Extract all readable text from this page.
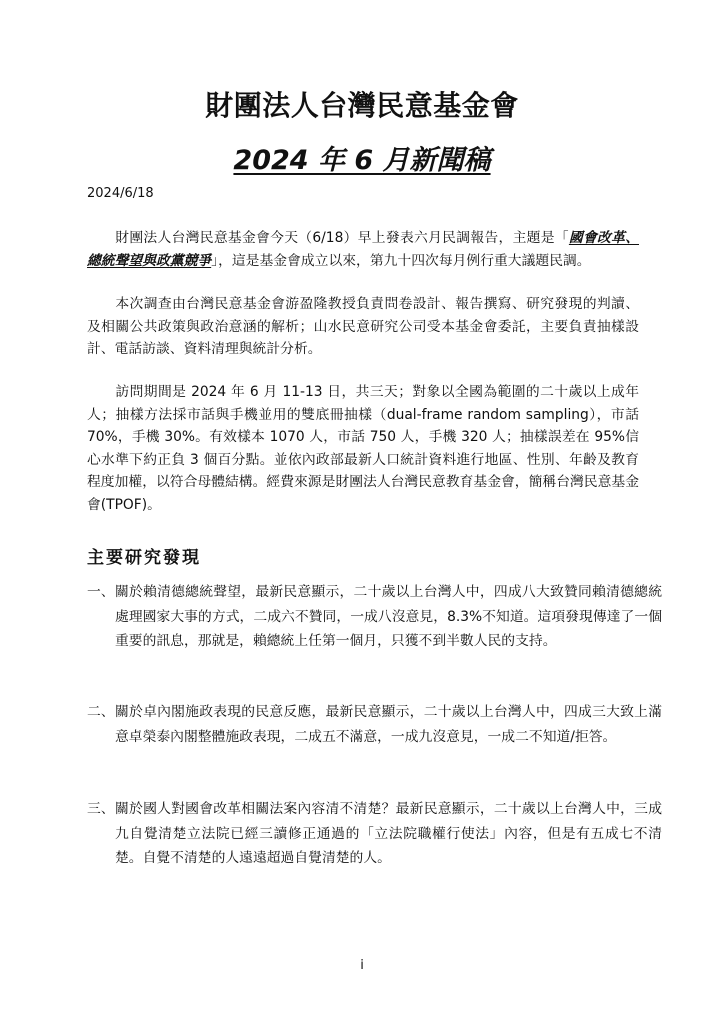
財團法人台灣民意基金會
2024 年 6 月新聞稿
2024/6/18
財團法人台灣民意基金會今天（6/18）早上發表六月民調報告，主題是「國會改革、總統聲望與政黨競爭」，這是基金會成立以來，第九十四次每月例行重大議題民調。
本次調查由台灣民意基金會游盈隆教授負責問卷設計、報告撰寫、研究發現的判讀、及相關公共政策與政治意涵的解析；山水民意研究公司受本基金會委託，主要負責抽樣設計、電話訪談、資料清理與統計分析。
訪問期間是 2024 年 6 月 11-13 日，共三天；對象以全國為範圍的二十歲以上成年人；抽樣方法採市話與手機並用的雙底冊抽樣（dual-frame random sampling），市話 70%，手機 30%。有效樣本 1070 人，市話 750 人，手機 320 人；抽樣誤差在 95%信心水準下約正負 3 個百分點。並依內政部最新人口統計資料進行地區、性別、年齡及教育程度加權，以符合母體結構。經費來源是財團法人台灣民意教育基金會，簡稱台灣民意基金會(TPOF)。
主要研究發現
一、 關於賴清德總統聲望，最新民意顯示，二十歲以上台灣人中，四成八大致贊同賴清德總統處理國家大事的方式，二成六不贊同，一成八沒意見，8.3%不知道。這項發現傳達了一個重要的訊息，那就是，賴總統上任第一個月，只獲不到半數人民的支持。
二、 關於卓內閣施政表現的民意反應，最新民意顯示，二十歲以上台灣人中，四成三大致上滿意卓榮泰內閣整體施政表現，二成五不滿意，一成九沒意見，一成二不知道/拒答。
三、 關於國人對國會改革相關法案內容清不清楚？最新民意顯示，二十歲以上台灣人中，三成九自覺清楚立法院已經三讀修正通過的「立法院職權行使法」內容，但是有五成七不清楚。自覺不清楚的人遠遠超過自覺清楚的人。
i
